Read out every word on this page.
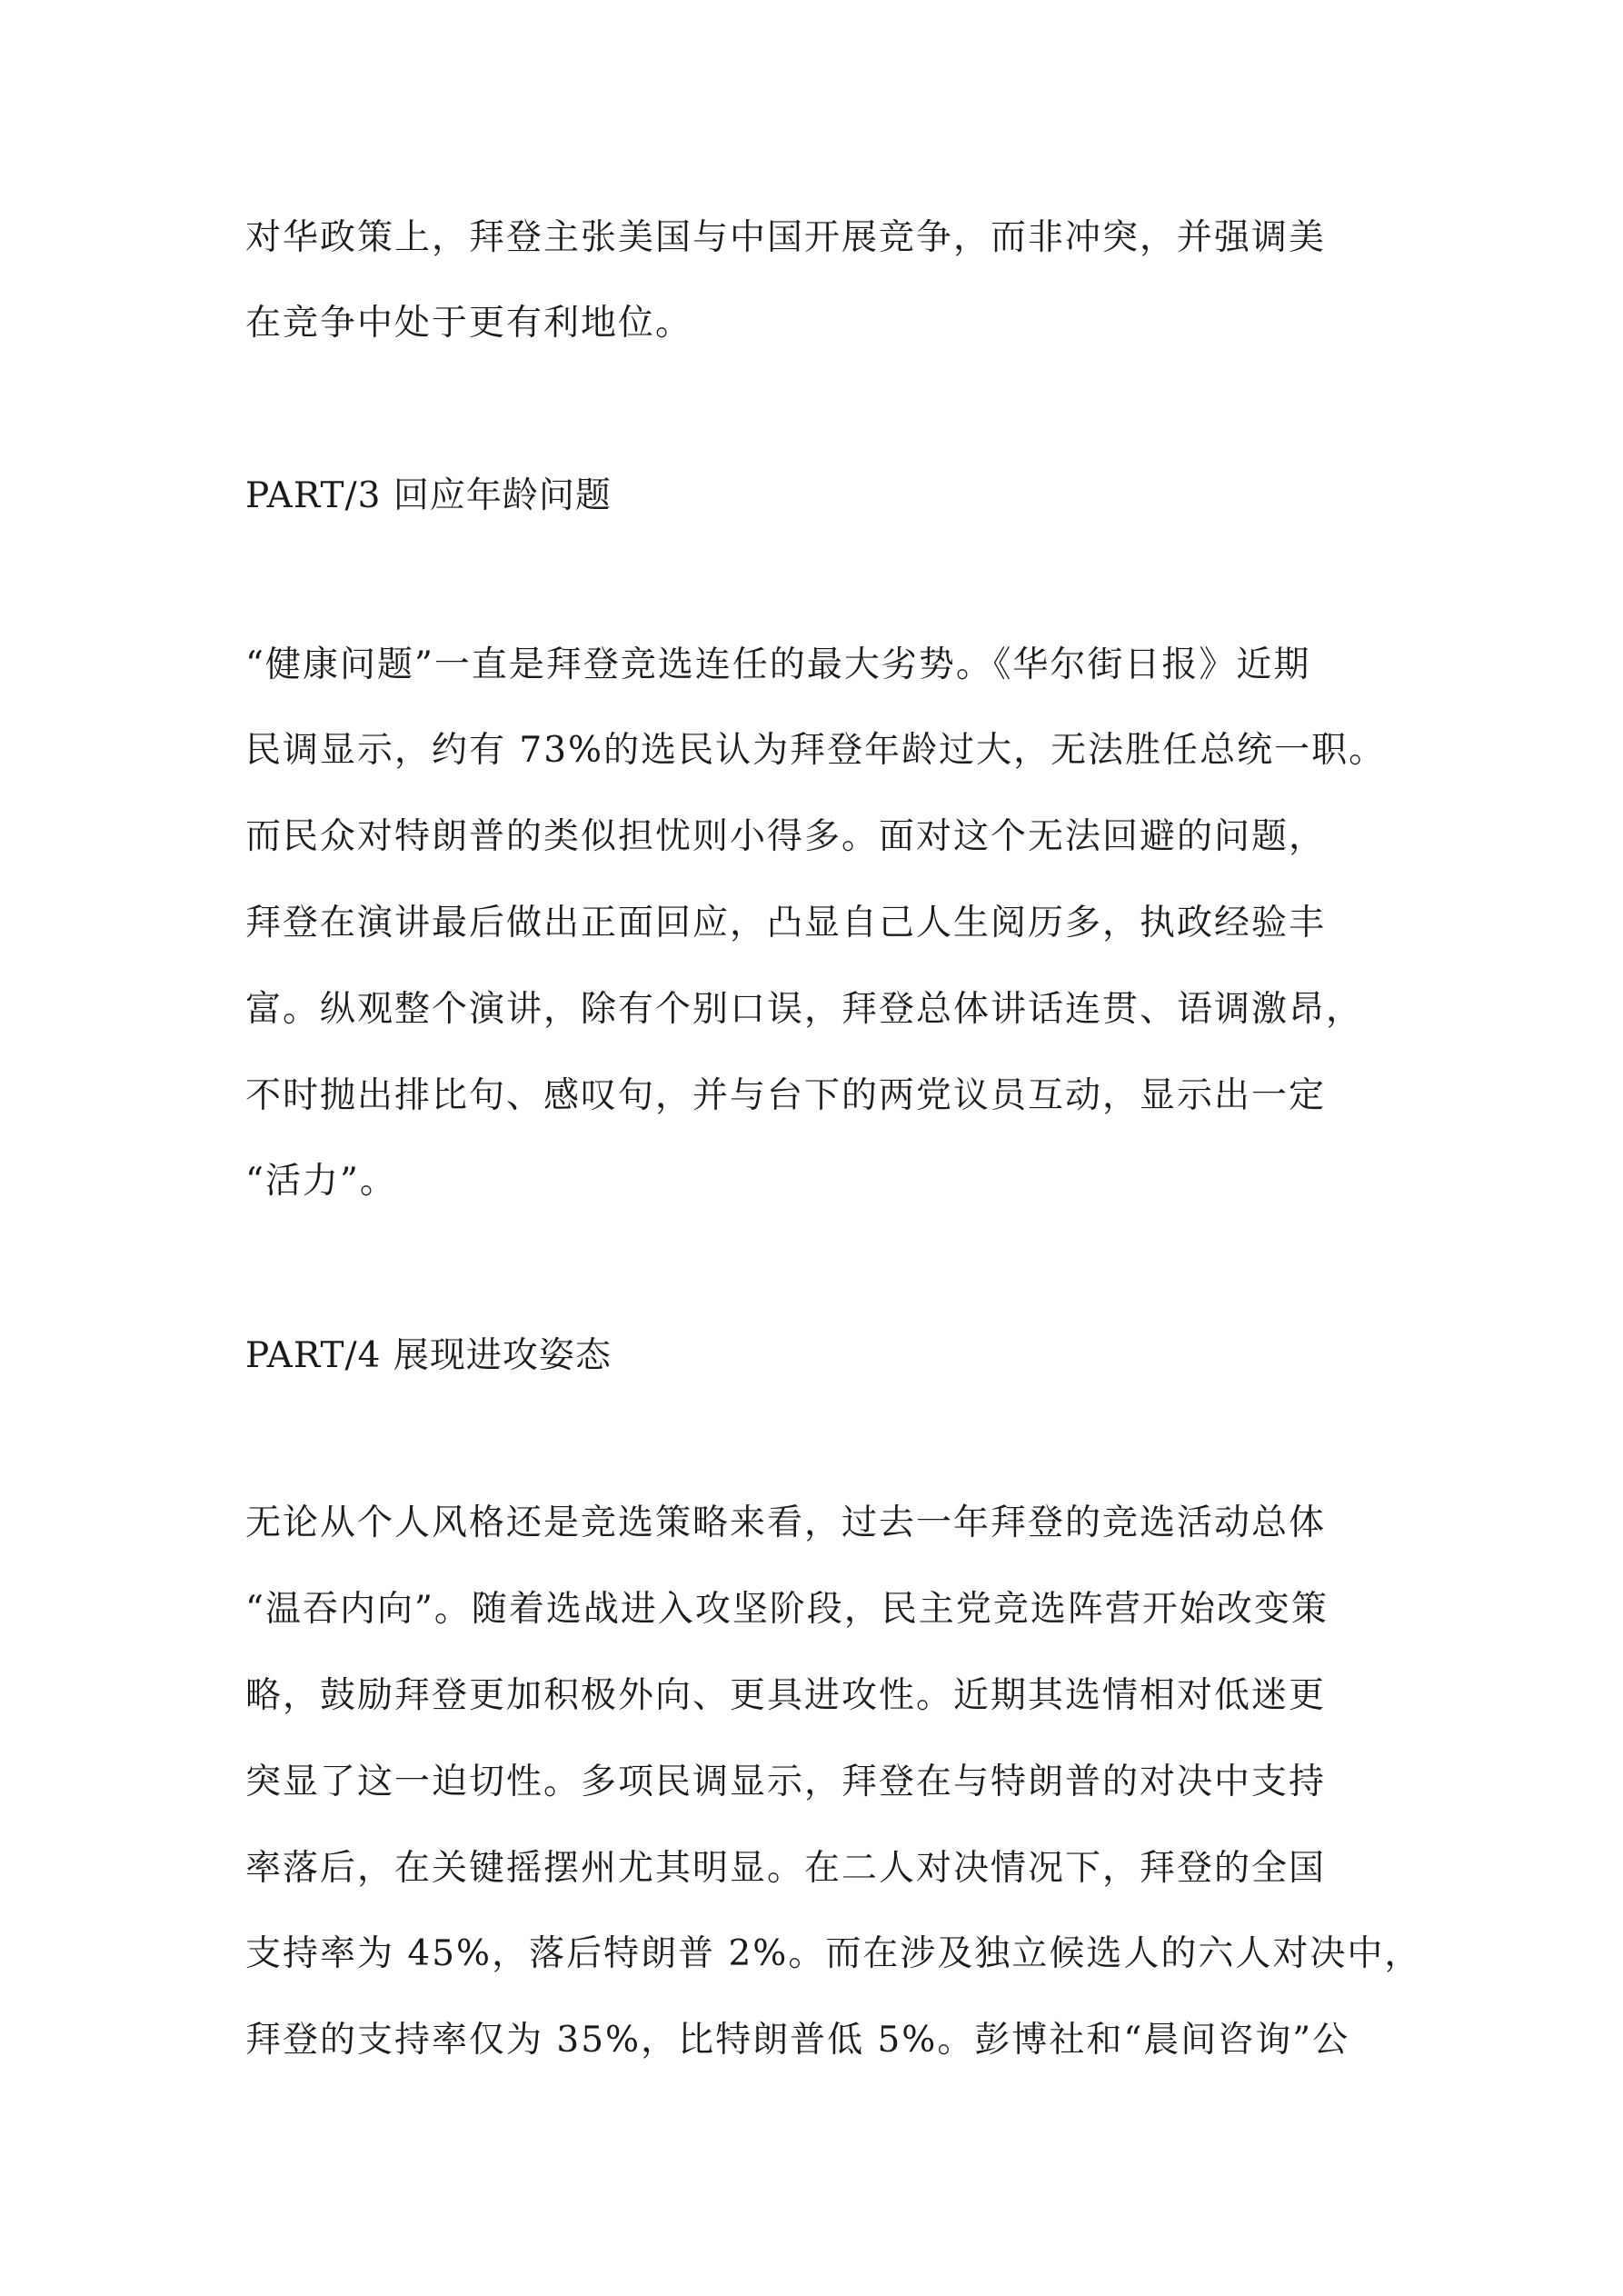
对华政策上，拜登主张美国与中国开展竞争，而非冲突，并强调美

在竞争中处于更有利地位。

PART/3 回应年龄问题

“健康问题”一直是拜登竞选连任的最大劣势。《华尔街日报》近期

民调显示，约有 73%的选民认为拜登年龄过大，无法胜任总统一职。

而民众对特朗普的类似担忧则小得多。面对这个无法回避的问题，

拜登在演讲最后做出正面回应，凸显自己人生阅历多，执政经验丰

富。纵观整个演讲，除有个别口误，拜登总体讲话连贯、语调激昂，

不时抛出排比句、感叹句，并与台下的两党议员互动，显示出一定

“活力”。

PART/4 展现进攻姿态

无论从个人风格还是竞选策略来看，过去一年拜登的竞选活动总体

“温吞内向”。随着选战进入攻坚阶段，民主党竞选阵营开始改变策

略，鼓励拜登更加积极外向、更具进攻性。近期其选情相对低迷更

突显了这一迫切性。多项民调显示，拜登在与特朗普的对决中支持

率落后，在关键摇摆州尤其明显。在二人对决情况下，拜登的全国

支持率为 45%，落后特朗普 2%。而在涉及独立候选人的六人对决中，

拜登的支持率仅为 35%，比特朗普低 5%。彭博社和“晨间咨询”公
